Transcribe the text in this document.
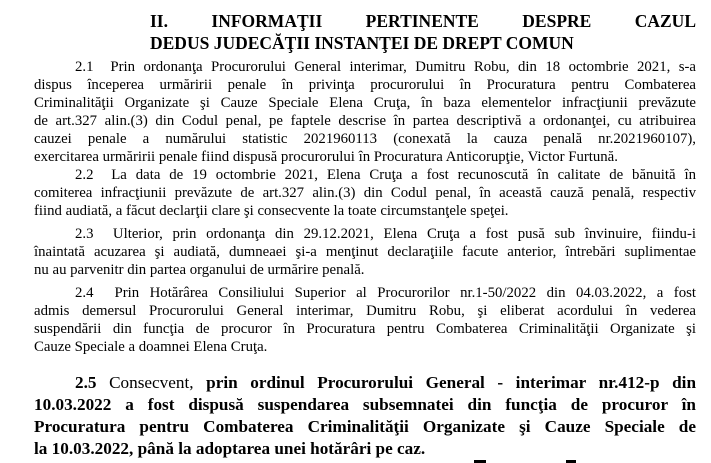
II. INFORMAŢII PERTINENTE DESPRE CAZUL
DEDUS JUDECĂŢII INSTANŢEI DE DREPT COMUN
2.1 Prin ordonanţa Procurorului General interimar, Dumitru Robu, din 18 octombrie 2021, s-a
dispus începerea urmăririi penale în privinţa procurorului în Procuratura pentru Combaterea
Criminalităţii Organizate şi Cauze Speciale Elena Cruţa, în baza elementelor infracţiunii prevăzute
de art.327 alin.(3) din Codul penal, pe faptele descrise în partea descriptivă a ordonanţei, cu atribuirea
cauzei penale a numărului statistic 2021960113 (conexată la cauza penală nr.2021960107),
exercitarea urmăririi penale fiind dispusă procurorului în Procuratura Anticorupţie, Victor Furtună.
2.2 La data de 19 octombrie 2021, Elena Cruţa a fost recunoscută în calitate de bănuită în
comiterea infracţiunii prevăzute de art.327 alin.(3) din Codul penal, în această cauză penală, respectiv
fiind audiată, a făcut declarţii clare şi consecvente la toate circumstanţele speţei.
2.3 Ulterior, prin ordonanţa din 29.12.2021, Elena Cruţa a fost pusă sub învinuire, fiindu-i
înaintată acuzarea şi audiată, dumneaei şi-a menţinut declaraţiile facute anterior, întrebări suplimentae
nu au parvenitr din partea organului de urmărire penală.
2.4 Prin Hotărârea Consiliului Superior al Procurorilor nr.1-50/2022 din 04.03.2022, a fost
admis demersul Procurorului General interimar, Dumitru Robu, şi eliberat acordului în vederea
suspendării din funcţia de procuror în Procuratura pentru Combaterea Criminalităţii Organizate şi
Cauze Speciale a doamnei Elena Cruţa.
2.5 Consecvent, prin ordinul Procurorului General - interimar nr.412-p din
10.03.2022 a fost dispusă suspendarea subsemnatei din funcţia de procuror în
Procuratura pentru Combaterea Criminalităţii Organizate şi Cauze Speciale de
la 10.03.2022, până la adoptarea unei hotărâri pe caz.
